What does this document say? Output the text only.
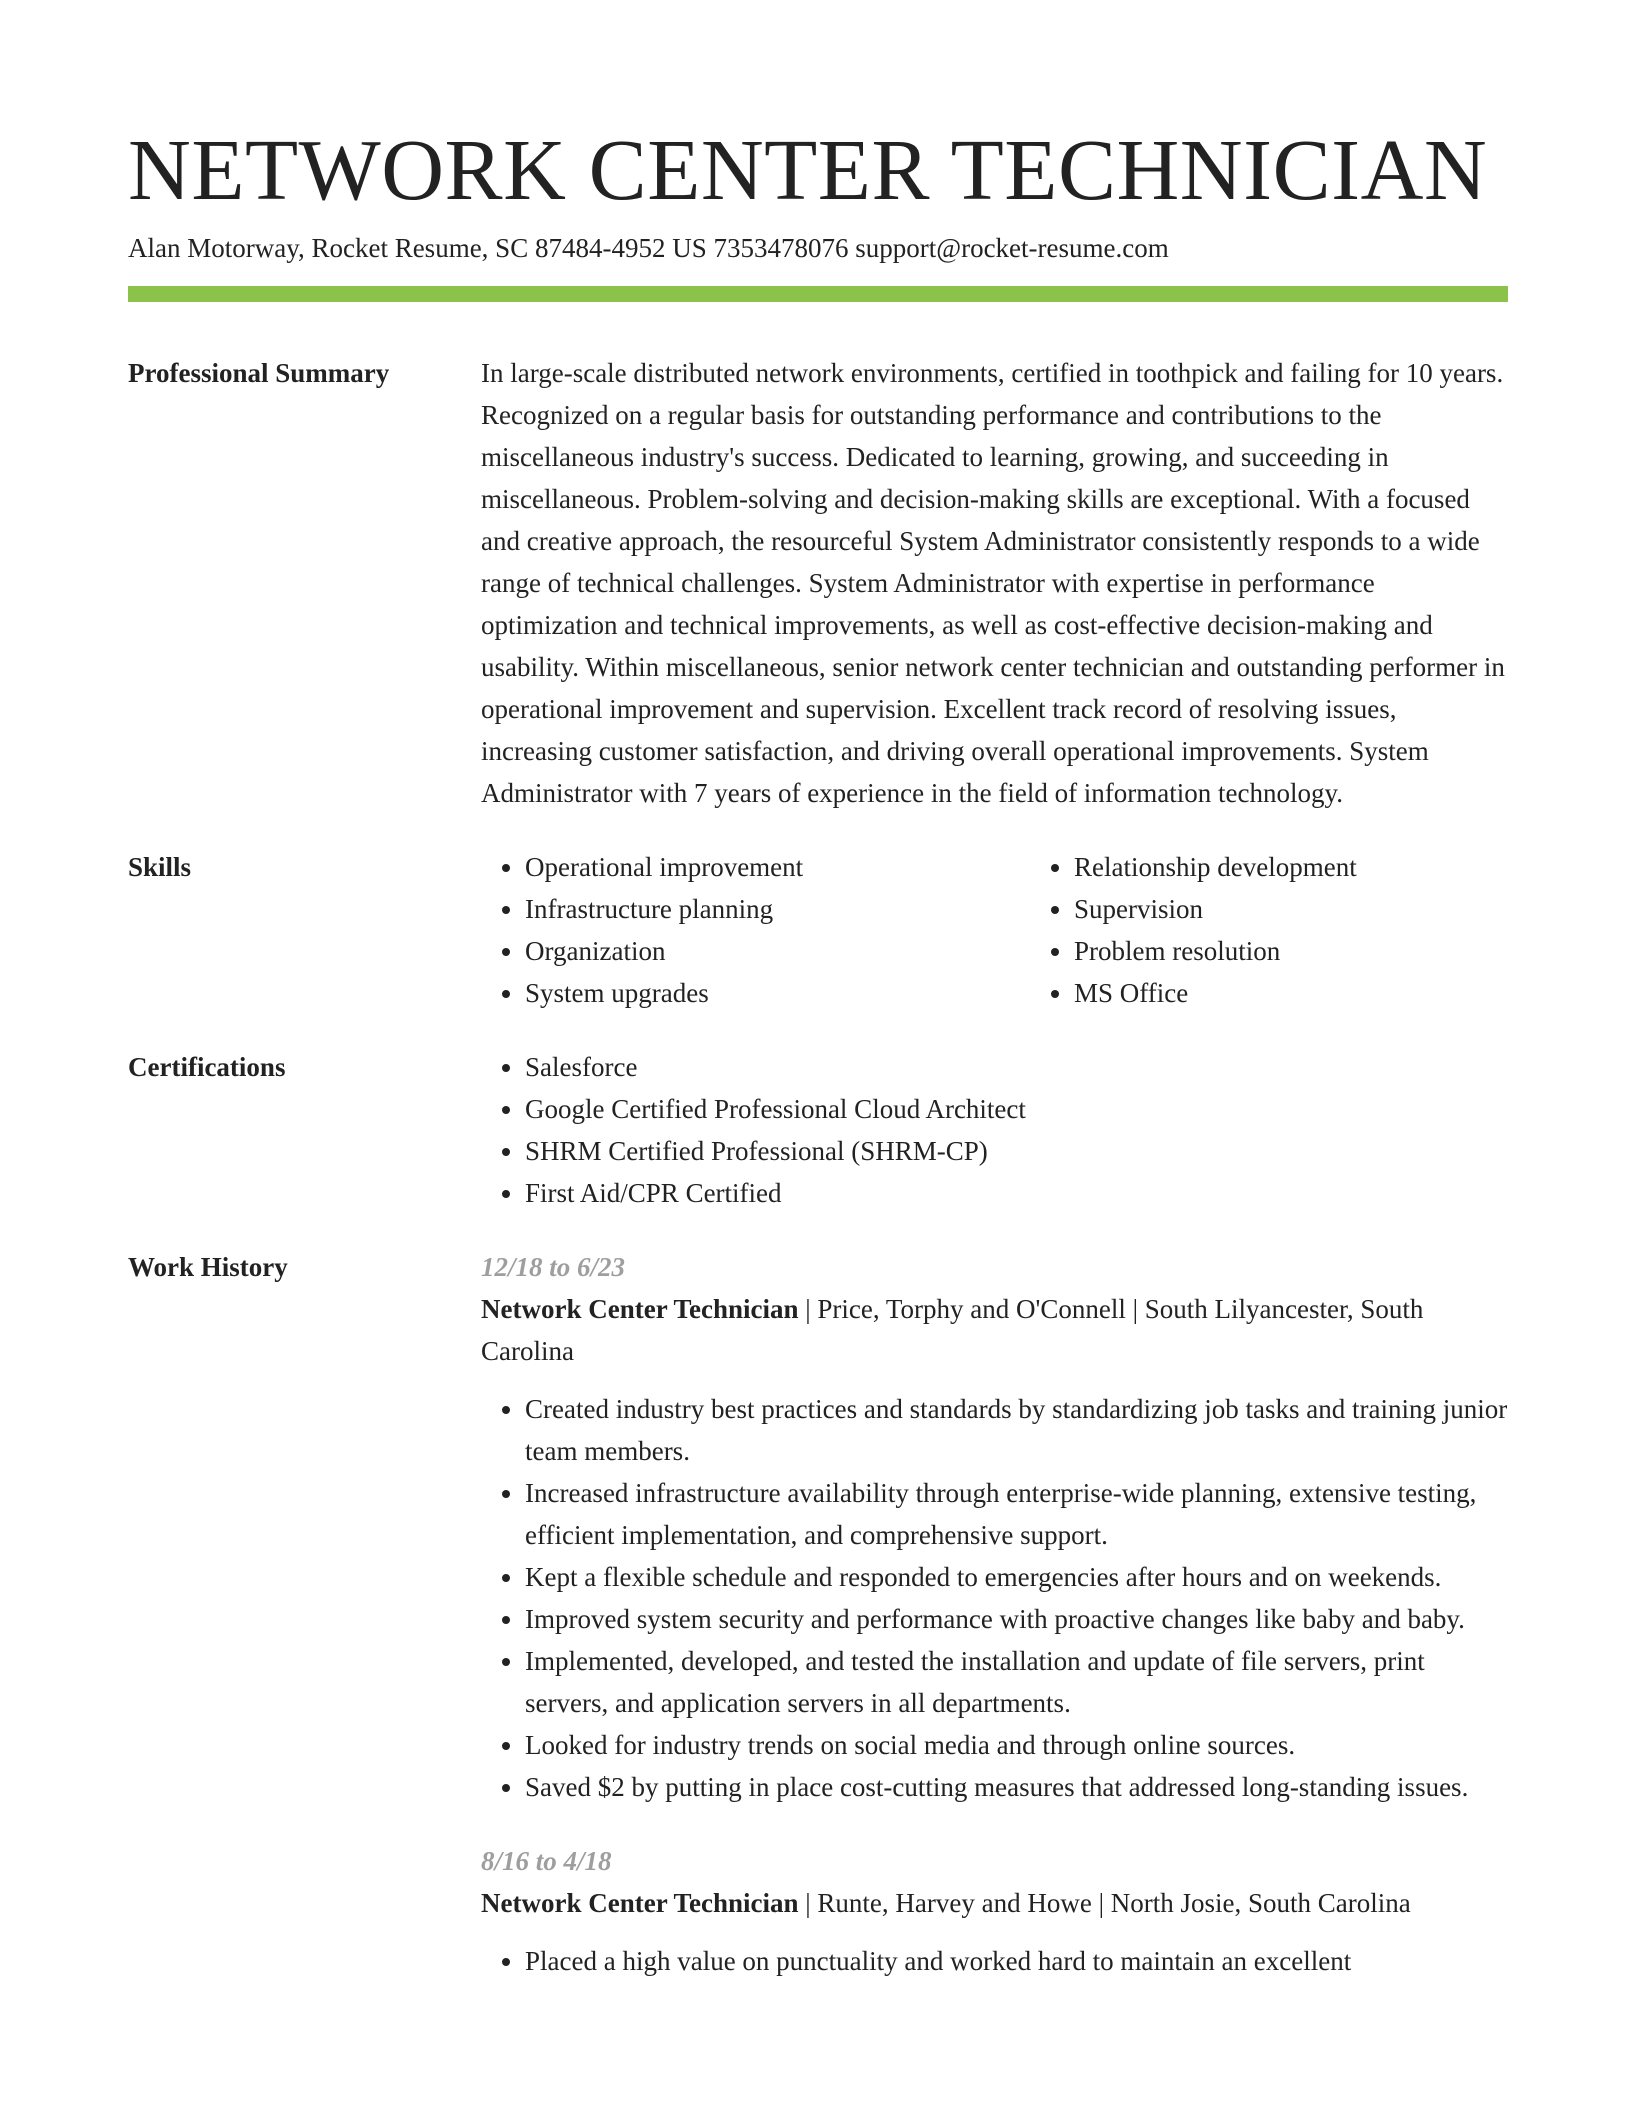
NETWORK CENTER TECHNICIAN
Alan Motorway, Rocket Resume, SC 87484-4952 US 7353478076 support@rocket-resume.com
Professional Summary	In large-scale distributed network environments, certified in toothpick and failing for 10 years. Recognized on a regular basis for outstanding performance and contributions to the miscellaneous industry's success. Dedicated to learning, growing, and succeeding in miscellaneous. Problem-solving and decision-making skills are exceptional. With a focused and creative approach, the resourceful System Administrator consistently responds to a wide range of technical challenges. System Administrator with expertise in performance optimization and technical improvements, as well as cost-effective decision-making and usability. Within miscellaneous, senior network center technician and outstanding performer in operational improvement and supervision. Excellent track record of resolving issues, increasing customer satisfaction, and driving overall operational improvements. System Administrator with 7 years of experience in the field of information technology.
Skills	• Operational improvement
• Infrastructure planning
• Organization
• System upgrades
• Relationship development
• Supervision
• Problem resolution
• MS Office
Certifications	• Salesforce
• Google Certified Professional Cloud Architect
• SHRM Certified Professional (SHRM-CP)
• First Aid/CPR Certified
Work History	12/18 to 6/23
Network Center Technician | Price, Torphy and O'Connell | South Lilyancester, South Carolina
• Created industry best practices and standards by standardizing job tasks and training junior team members.
• Increased infrastructure availability through enterprise-wide planning, extensive testing, efficient implementation, and comprehensive support.
• Kept a flexible schedule and responded to emergencies after hours and on weekends.
• Improved system security and performance with proactive changes like baby and baby.
• Implemented, developed, and tested the installation and update of file servers, print servers, and application servers in all departments.
• Looked for industry trends on social media and through online sources.
• Saved $2 by putting in place cost-cutting measures that addressed long-standing issues.
8/16 to 4/18
Network Center Technician | Runte, Harvey and Howe | North Josie, South Carolina
• Placed a high value on punctuality and worked hard to maintain an excellent
